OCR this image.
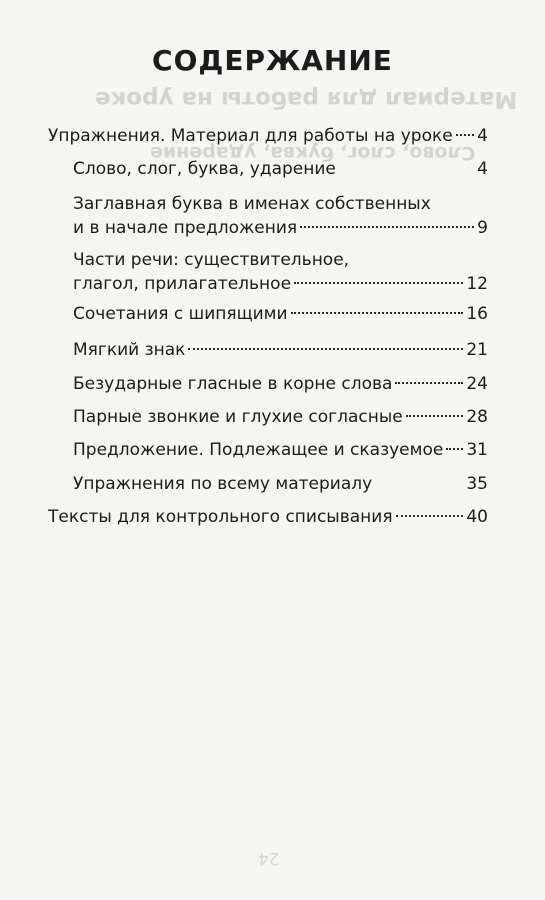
Материал для работы на уроке
Слово, слог, буква, ударение
24
СОДЕРЖАНИЕ
Упражнения. Материал для работы на уроке 4
Слово, слог, буква, ударение	4
Заглавная буква в именах собственных
и в начале предложения	9
Части речи: существительное,
глагол, прилагательное	12
Сочетания с шипящими	16
Мягкий знак	21
Безударные гласные в корне слова	24
Парные звонкие и глухие согласные	28
Предложение. Подлежащее и сказуемое 31
Упражнения по всему материалу	35
Тексты для контрольного списывания	40
